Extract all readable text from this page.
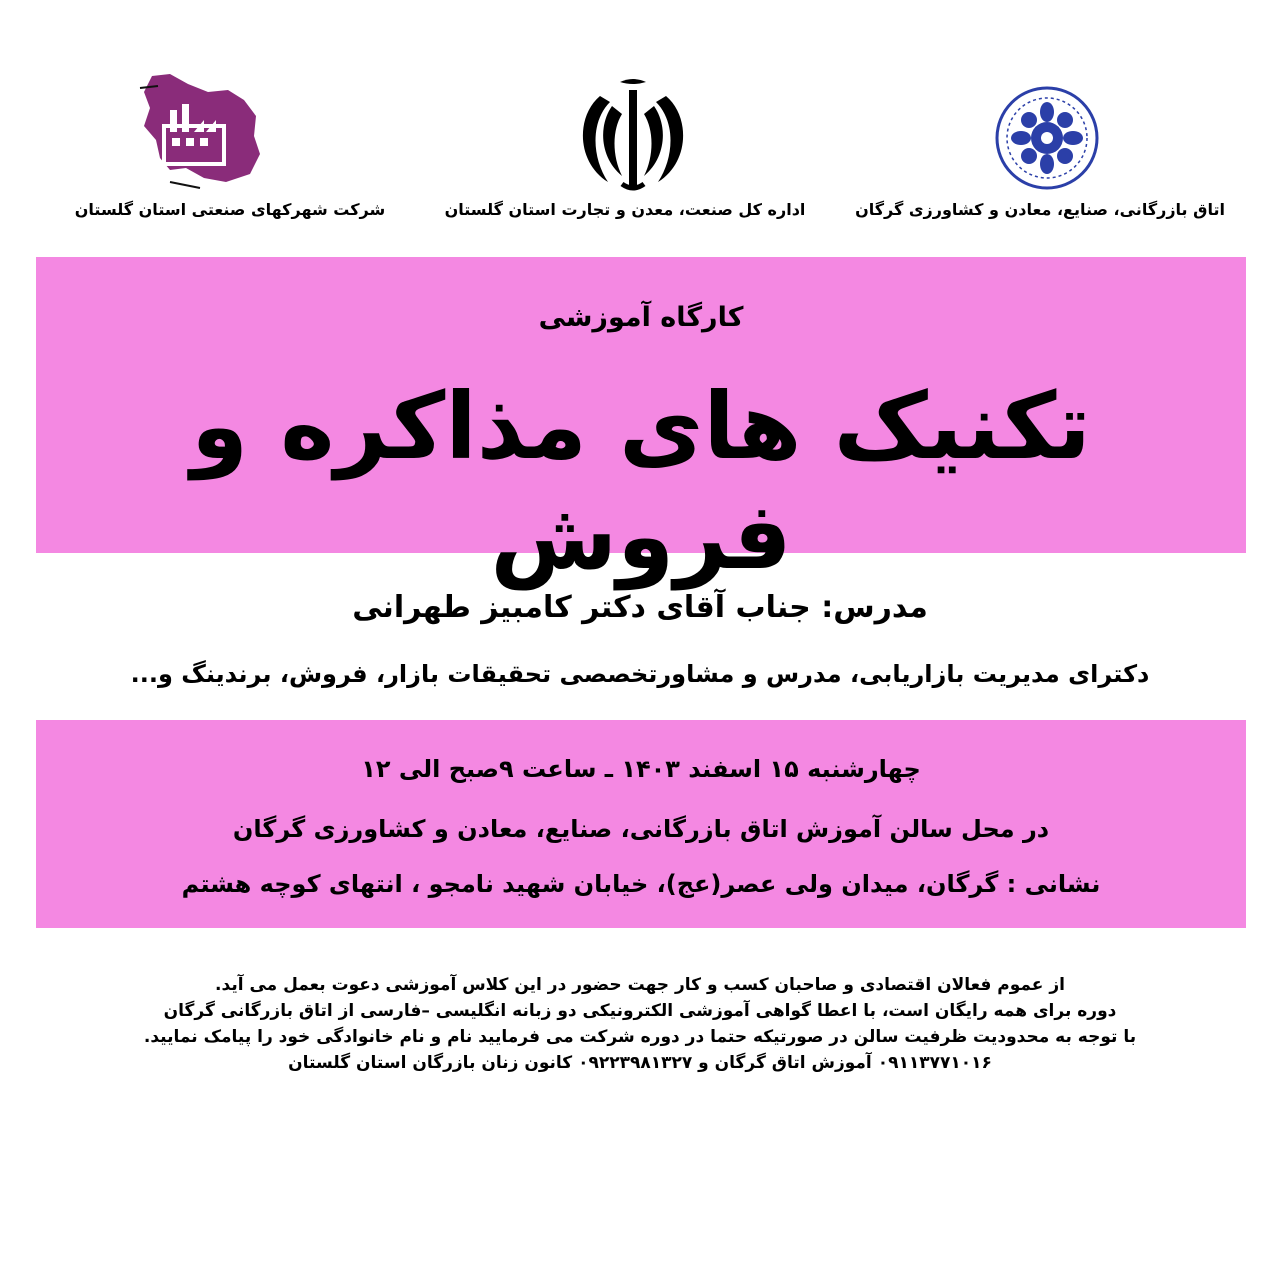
شرکت شهرکهای صنعتی استان گلستان	اداره کل صنعت، معدن و تجارت استان گلستان	اتاق بازرگانی، صنایع، معادن و کشاورزی گرگان
کارگاه آموزشی
تکنیک های مذاکره و فروش
مدرس: جناب آقای دکتر کامبیز طهرانی
دکترای مدیریت بازاریابی، مدرس و مشاورتخصصی تحقیقات بازار، فروش، برندینگ و...
چهارشنبه ۱۵ اسفند ۱۴۰۳ ـ ساعت ۹صبح الی ۱۲
در محل سالن آموزش اتاق بازرگانی، صنایع، معادن و کشاورزی گرگان
نشانی : گرگان، میدان ولی عصر(عج)، خیابان شهید نامجو ، انتهای کوچه هشتم
از عموم فعالان اقتصادی و صاحبان کسب و کار جهت حضور در این کلاس آموزشی دعوت بعمل می آید.
دوره برای همه رایگان است، با اعطا گواهی آموزشی الکترونیکی دو زبانه انگلیسی –فارسی از اتاق بازرگانی گرگان
با توجه به محدودیت ظرفیت سالن در صورتیکه حتما در دوره شرکت می فرمایید نام و نام خانوادگی خود را پیامک نمایید.
۰۹۱۱۳۷۷۱۰۱۶ آموزش اتاق گرگان و ۰۹۲۲۳۹۸۱۳۲۷ کانون زنان بازرگان استان گلستان
